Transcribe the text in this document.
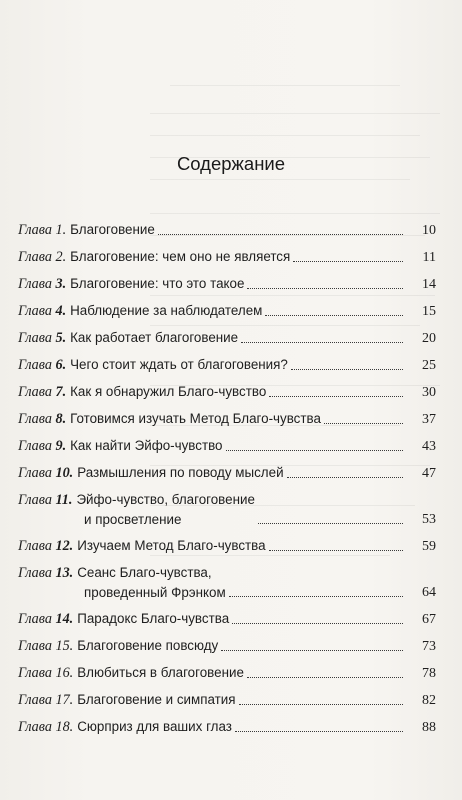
Содержание
Глава 1. Благоговение	10
Глава 2. Благоговение: чем оно не является	11
Глава 3. Благоговение: что это такое	14
Глава 4. Наблюдение за наблюдателем	15
Глава 5. Как работает благоговение	20
Глава 6. Чего стоит ждать от благоговения?	25
Глава 7. Как я обнаружил Благо-чувство	30
Глава 8. Готовимся изучать Метод Благо-чувства	37
Глава 9. Как найти Эйфо-чувство	43
Глава 10. Размышления по поводу мыслей	47
Глава 11. Эйфо-чувство, благоговение
и просветление	53
Глава 12. Изучаем Метод Благо-чувства	59
Глава 13. Сеанс Благо-чувства,
проведенный Фрэнком	64
Глава 14. Парадокс Благо-чувства	67
Глава 15. Благоговение повсюду	73
Глава 16. Влюбиться в благоговение	78
Глава 17. Благоговение и симпатия	82
Глава 18. Сюрприз для ваших глаз	88
